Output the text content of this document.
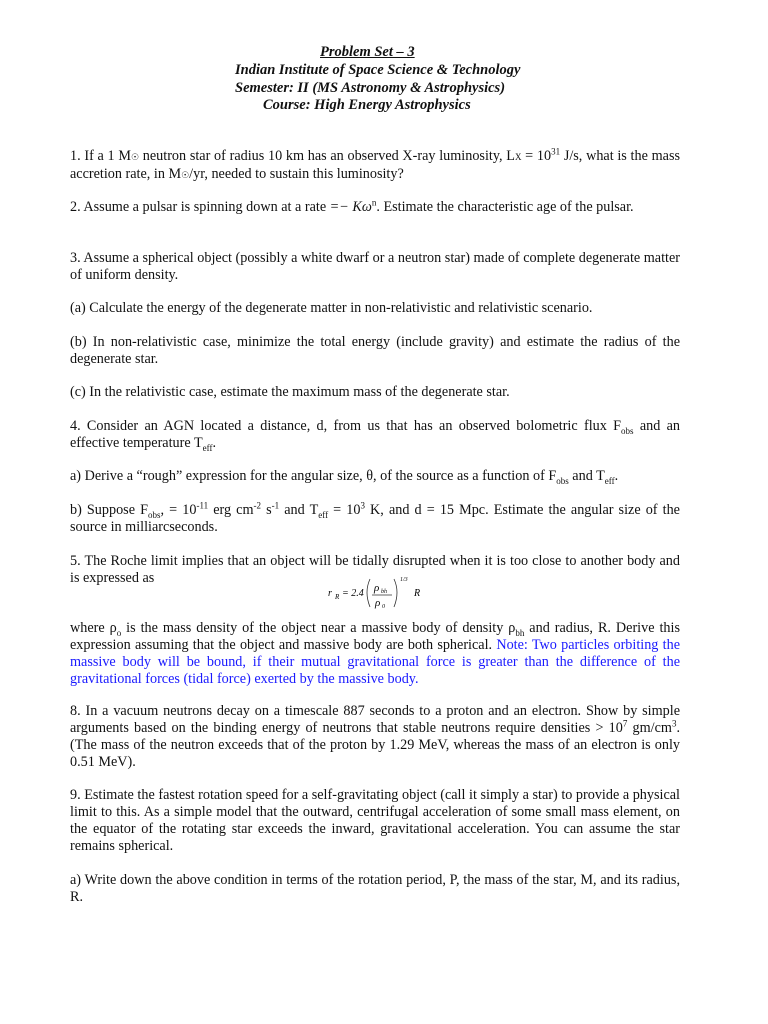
Problem Set – 3
Indian Institute of Space Science & Technology
Semester: II (MS Astronomy & Astrophysics)
Course: High Energy Astrophysics
1. If a 1 M☉ neutron star of radius 10 km has an observed X-ray luminosity, LX = $10^{31}$ J/s, what is the mass accretion rate, in M☉/yr, needed to sustain this luminosity?
2. Assume a pulsar is spinning down at a rate =− $K\omega^n$. Estimate the characteristic age of the pulsar.
3. Assume a spherical object (possibly a white dwarf or a neutron star) made of complete degenerate matter of uniform density.
(a) Calculate the energy of the degenerate matter in non-relativistic and relativistic scenario.
(b) In non-relativistic case, minimize the total energy (include gravity) and estimate the radius of the degenerate star.
(c) In the relativistic case, estimate the maximum mass of the degenerate star.
4. Consider an AGN located a distance, d, from us that has an observed bolometric flux $F_{obs}$ and an effective temperature $T_{eff}$.
a) Derive a “rough” expression for the angular size, θ, of the source as a function of $F_{obs}$ and $T_{eff}$.
b) Suppose $F_{obs}$, = $10^{-11}$ erg $cm^{-2}$ $s^{-1}$ and $T_{eff} = 10^3$ K, and d = 15 Mpc. Estimate the angular size of the source in milliarcseconds.
5. The Roche limit implies that an object will be tidally disrupted when it is too close to another body and is expressed as
r R = 2.4 ρ bh
ρ 0
1/3
R
where $\rho_o$ is the mass density of the object near a massive body of density $\rho_{bh}$ and radius, R. Derive this expression assuming that the object and massive body are both spherical. Note: Two particles orbiting the massive body will be bound, if their mutual gravitational force is greater than the difference of the gravitational forces (tidal force) exerted by the massive body.
8. In a vacuum neutrons decay on a timescale 887 seconds to a proton and an electron. Show by simple arguments based on the binding energy of neutrons that stable neutrons require densities > $10^7$ $gm/cm^3$. (The mass of the neutron exceeds that of the proton by 1.29 MeV, whereas the mass of an electron is only 0.51 MeV).
9. Estimate the fastest rotation speed for a self-gravitating object (call it simply a star) to provide a physical limit to this. As a simple model that the outward, centrifugal acceleration of some small mass element, on the equator of the rotating star exceeds the inward, gravitational acceleration. You can assume the star remains spherical.
a) Write down the above condition in terms of the rotation period, P, the mass of the star, M, and its radius, R.
